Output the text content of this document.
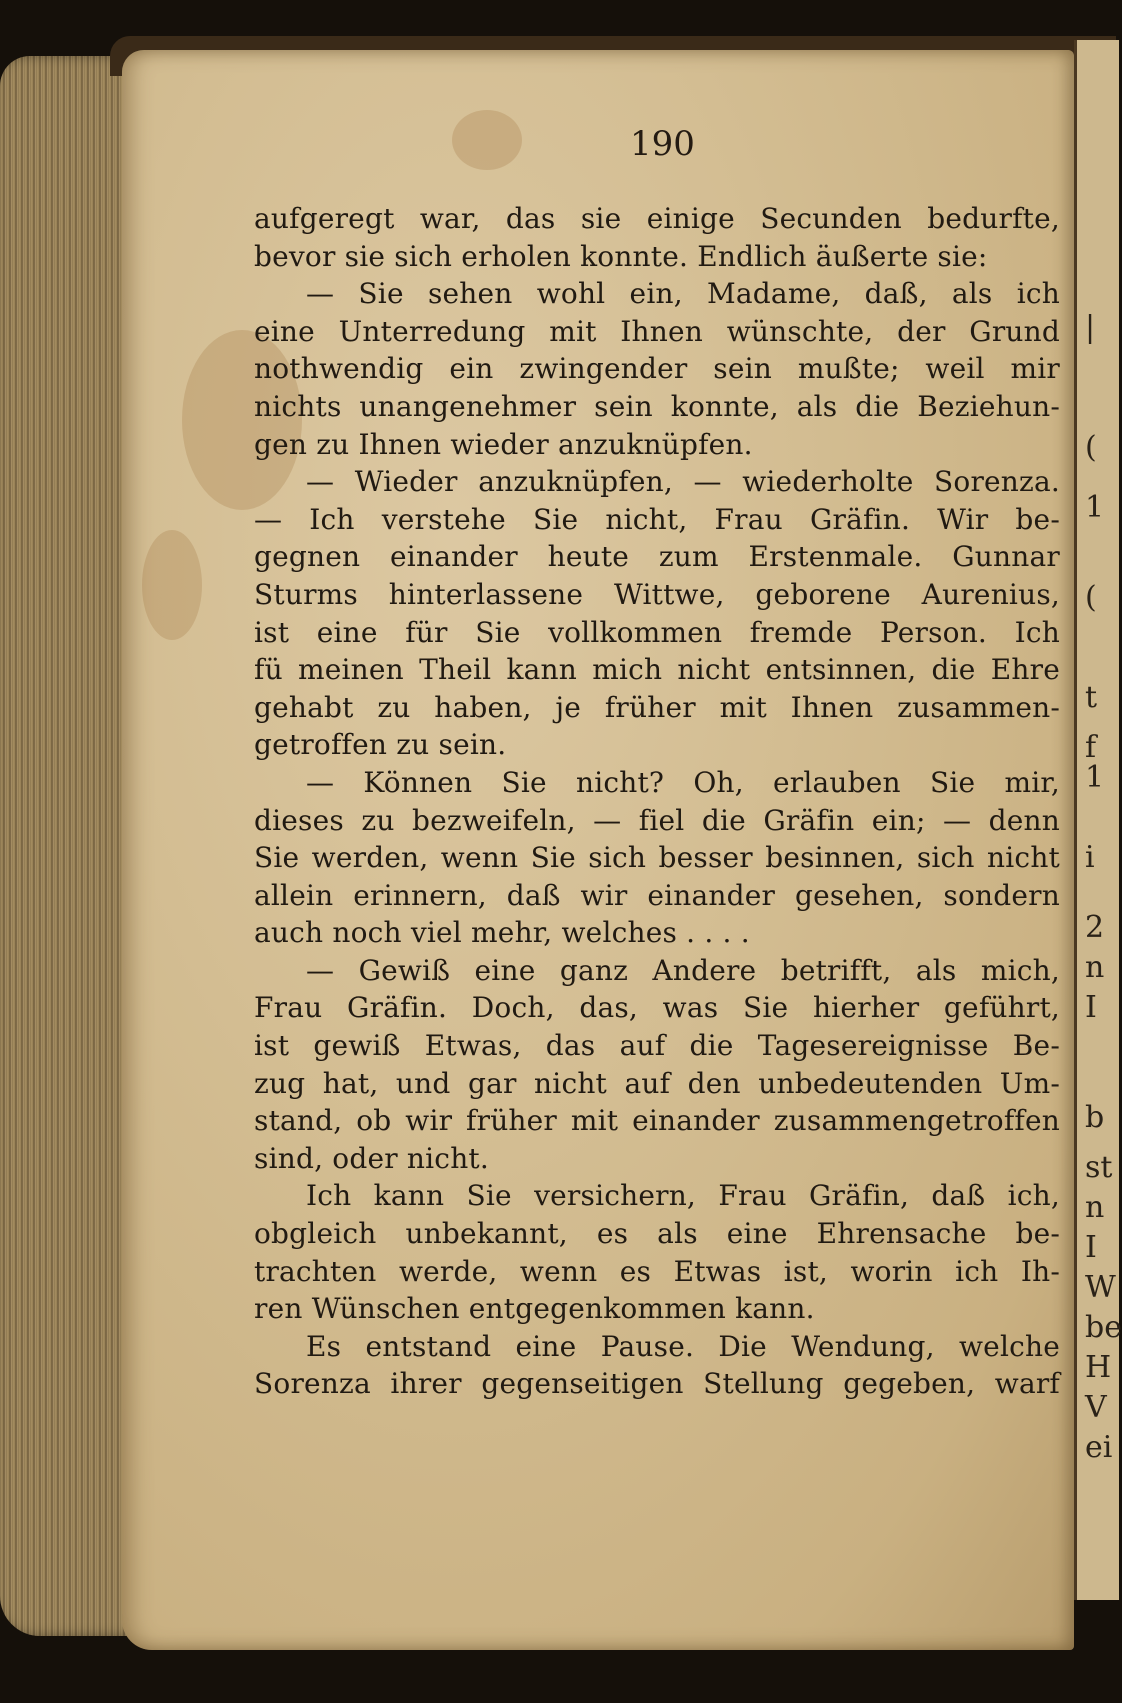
|
(
1
(
t
f
1
i
2
n
I
b
st
n
I
W
be
H
V
ei
190
aufgeregt war, das sie einige Secunden bedurfte,
bevor sie sich erholen konnte. Endlich äußerte sie:
— Sie sehen wohl ein, Madame, daß, als ich
eine Unterredung mit Ihnen wünschte, der Grund
nothwendig ein zwingender sein mußte; weil mir
nichts unangenehmer sein konnte, als die Beziehun-
gen zu Ihnen wieder anzuknüpfen.
— Wieder anzuknüpfen, — wiederholte Sorenza.
— Ich verstehe Sie nicht, Frau Gräfin. Wir be-
gegnen einander heute zum Erstenmale. Gunnar
Sturms hinterlassene Wittwe, geborene Aurenius,
ist eine für Sie vollkommen fremde Person. Ich
fü meinen Theil kann mich nicht entsinnen, die Ehre
gehabt zu haben, je früher mit Ihnen zusammen-
getroffen zu sein.
— Können Sie nicht? Oh, erlauben Sie mir,
dieses zu bezweifeln, — fiel die Gräfin ein; — denn
Sie werden, wenn Sie sich besser besinnen, sich nicht
allein erinnern, daß wir einander gesehen, sondern
auch noch viel mehr, welches . . . .
— Gewiß eine ganz Andere betrifft, als mich,
Frau Gräfin. Doch, das, was Sie hierher geführt,
ist gewiß Etwas, das auf die Tagesereignisse Be-
zug hat, und gar nicht auf den unbedeutenden Um-
stand, ob wir früher mit einander zusammengetroffen
sind, oder nicht.
Ich kann Sie versichern, Frau Gräfin, daß ich,
obgleich unbekannt, es als eine Ehrensache be-
trachten werde, wenn es Etwas ist, worin ich Ih-
ren Wünschen entgegenkommen kann.
Es entstand eine Pause. Die Wendung, welche
Sorenza ihrer gegenseitigen Stellung gegeben, warf
